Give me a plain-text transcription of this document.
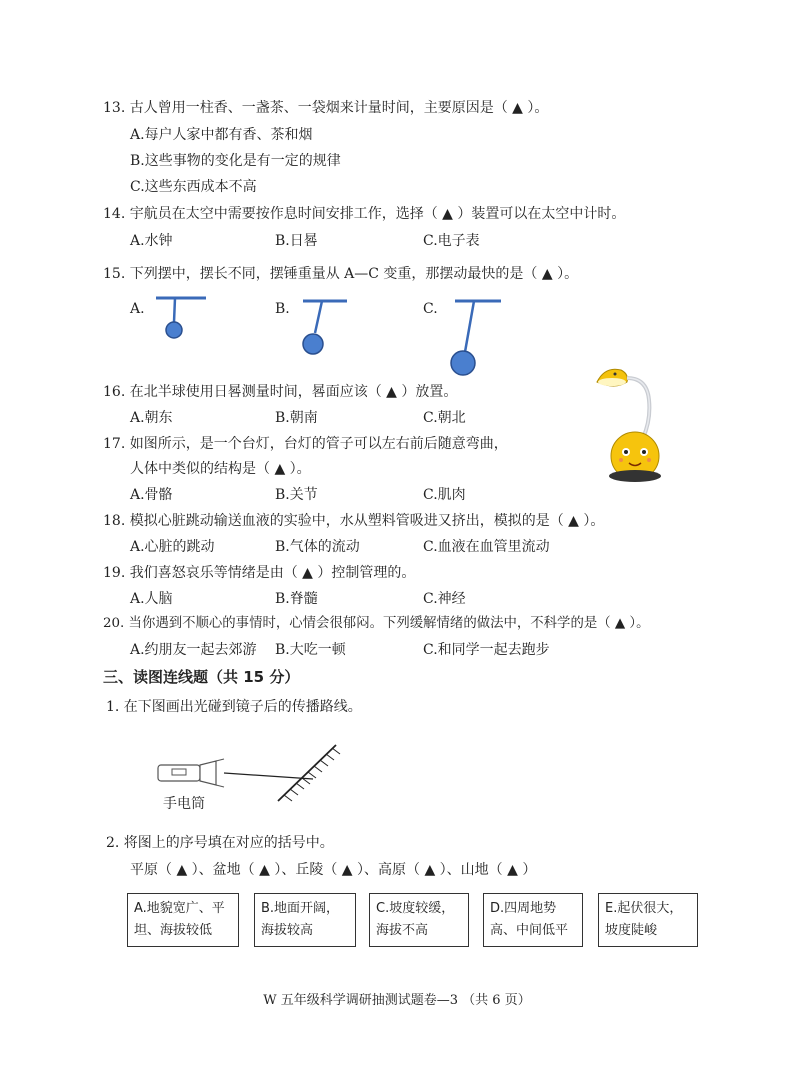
13. 古人曾用一柱香、一盏茶、一袋烟来计量时间，主要原因是（ ▲ ）。
A.每户人家中都有香、茶和烟
B.这些事物的变化是有一定的规律
C.这些东西成本不高
14. 宇航员在太空中需要按作息时间安排工作，选择（ ▲ ）装置可以在太空中计时。
A.水钟	B.日晷	C.电子表
15. 下列摆中，摆长不同，摆锤重量从 A—C 变重，那摆动最快的是（ ▲ ）。
A.	B.	C.
16. 在北半球使用日晷测量时间，晷面应该（ ▲ ）放置。
A.朝东	B.朝南	C.朝北
17. 如图所示，是一个台灯，台灯的管子可以左右前后随意弯曲，
人体中类似的结构是（ ▲ ）。
A.骨骼	B.关节	C.肌肉
18. 模拟心脏跳动输送血液的实验中，水从塑料管吸进又挤出，模拟的是（ ▲ ）。
A.心脏的跳动	B.气体的流动	C.血液在血管里流动
19. 我们喜怒哀乐等情绪是由（ ▲ ）控制管理的。
A.人脑	B.脊髓	C.神经
20. 当你遇到不顺心的事情时，心情会很郁闷。下列缓解情绪的做法中，不科学的是（ ▲ ）。
A.约朋友一起去郊游 B.大吃一顿	C.和同学一起去跑步
三、读图连线题（共 15 分）
1. 在下图画出光碰到镜子后的传播路线。
手电筒
2. 将图上的序号填在对应的括号中。
平原（ ▲ ）、盆地（ ▲ ）、丘陵（ ▲ ）、高原（ ▲ ）、山地（ ▲ ）
A.地貌宽广、平
坦、海拔较低
B.地面开阔，
海拔较高
C.坡度较缓，
海拔不高
D.四周地势
高、中间低平
E.起伏很大，
坡度陡峻
W 五年级科学调研抽测试题卷—3 （共 6 页）
